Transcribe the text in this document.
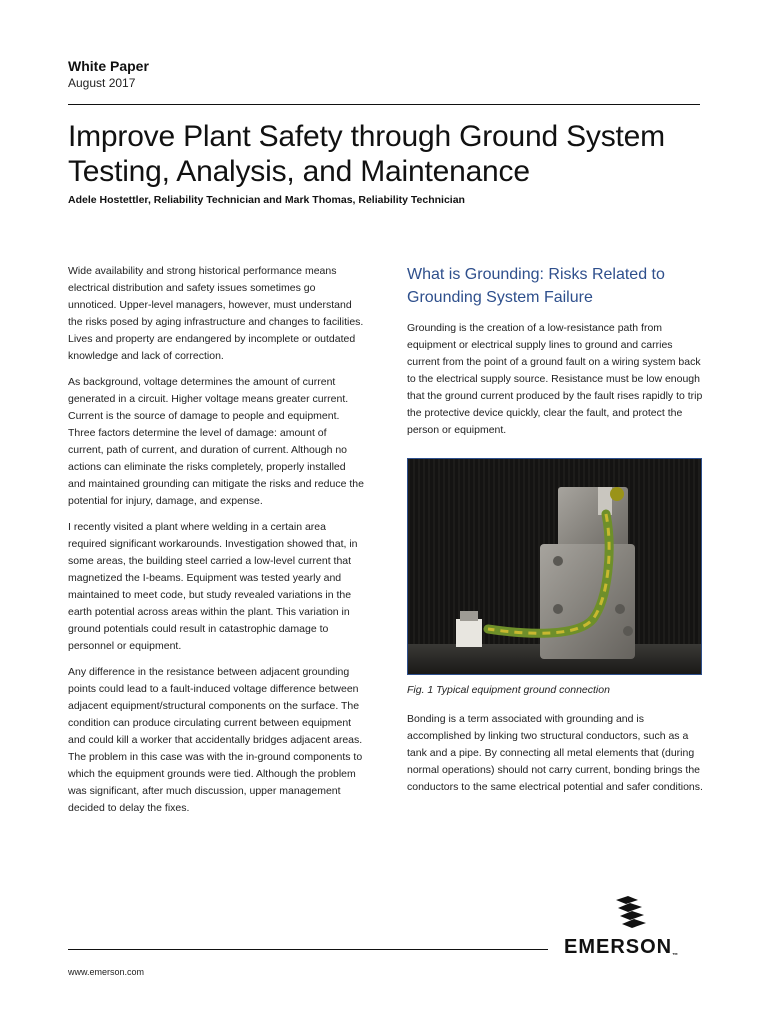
White Paper
August 2017
Improve Plant Safety through Ground System Testing, Analysis, and Maintenance
Adele Hostettler, Reliability Technician and Mark Thomas, Reliability Technician

Wide availability and strong historical performance means electrical distribution and safety issues sometimes go unnoticed. Upper-level managers, however, must understand the risks posed by aging infrastructure and changes to facilities. Lives and property are endangered by incomplete or outdated knowledge and lack of correction.

As background, voltage determines the amount of current generated in a circuit. Higher voltage means greater current. Current is the source of damage to people and equipment. Three factors determine the level of damage: amount of current, path of current, and duration of current. Although no actions can eliminate the risks completely, properly installed and maintained grounding can mitigate the risks and reduce the potential for injury, damage, and expense.

I recently visited a plant where welding in a certain area required significant workarounds. Investigation showed that, in some areas, the building steel carried a low-level current that magnetized the I-beams. Equipment was tested yearly and maintained to meet code, but study revealed variations in the earth potential across areas within the plant. This variation in ground potentials could result in catastrophic damage to personnel or equipment.

Any difference in the resistance between adjacent grounding points could lead to a fault-induced voltage difference between adjacent equipment/structural components on the surface. The condition can produce circulating current between equipment and could kill a worker that accidentally bridges adjacent areas. The problem in this case was with the in-ground components to which the equipment grounds were tied. Although the problem was significant, after much discussion, upper management decided to delay the fixes.

What is Grounding: Risks Related to Grounding System Failure

Grounding is the creation of a low-resistance path from equipment or electrical supply lines to ground and carries current from the point of a ground fault on a wiring system back to the electrical supply source. Resistance must be low enough that the ground current produced by the fault rises rapidly to trip the protective device quickly, clear the fault, and protect the person or equipment.

Fig. 1 Typical equipment ground connection

Bonding is a term associated with grounding and is accomplished by linking two structural conductors, such as a tank and a pipe. By connecting all metal elements that (during normal operations) should not carry current, bonding brings the conductors to the same electrical potential and safer conditions.

EMERSON™
www.emerson.com
